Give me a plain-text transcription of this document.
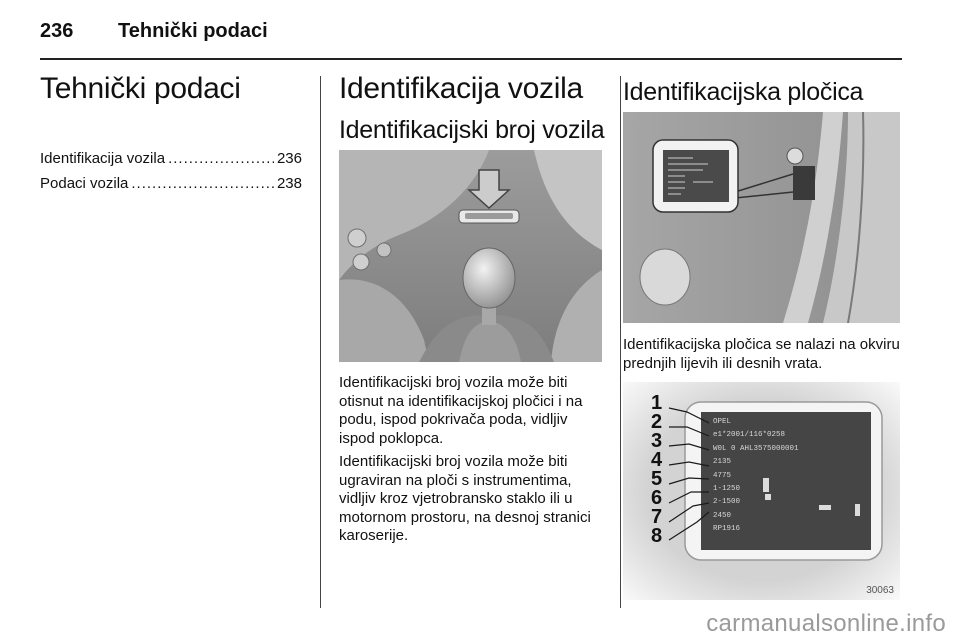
236 Tehnički podaci
Tehnički podaci
Identifikacija vozila .....	236
Podaci vozila .....	238
Identifikacija vozila
Identifikacijski broj vozila

Identifikacijski broj vozila može biti otisnut na identifikacijskoj pločici i na podu, ispod pokrivača poda, vidljiv ispod poklopca.

Identifikacijski broj vozila može biti ugraviran na ploči s instrumentima, vidljiv kroz vjetrobransko staklo ili u motornom prostoru, na desnoj stranici karoserije.

Identifikacijska pločica

Identifikacijska pločica se nalazi na okviru prednjih lijevih ili desnih vrata.

1
2
3
4
5
6
7
8
OPEL
e1*2001/116*0258
W0L 0 AHL3575000001
2135
4775
1-1250
2-1500
2450
RP1916
30063
carmanualsonline.info
